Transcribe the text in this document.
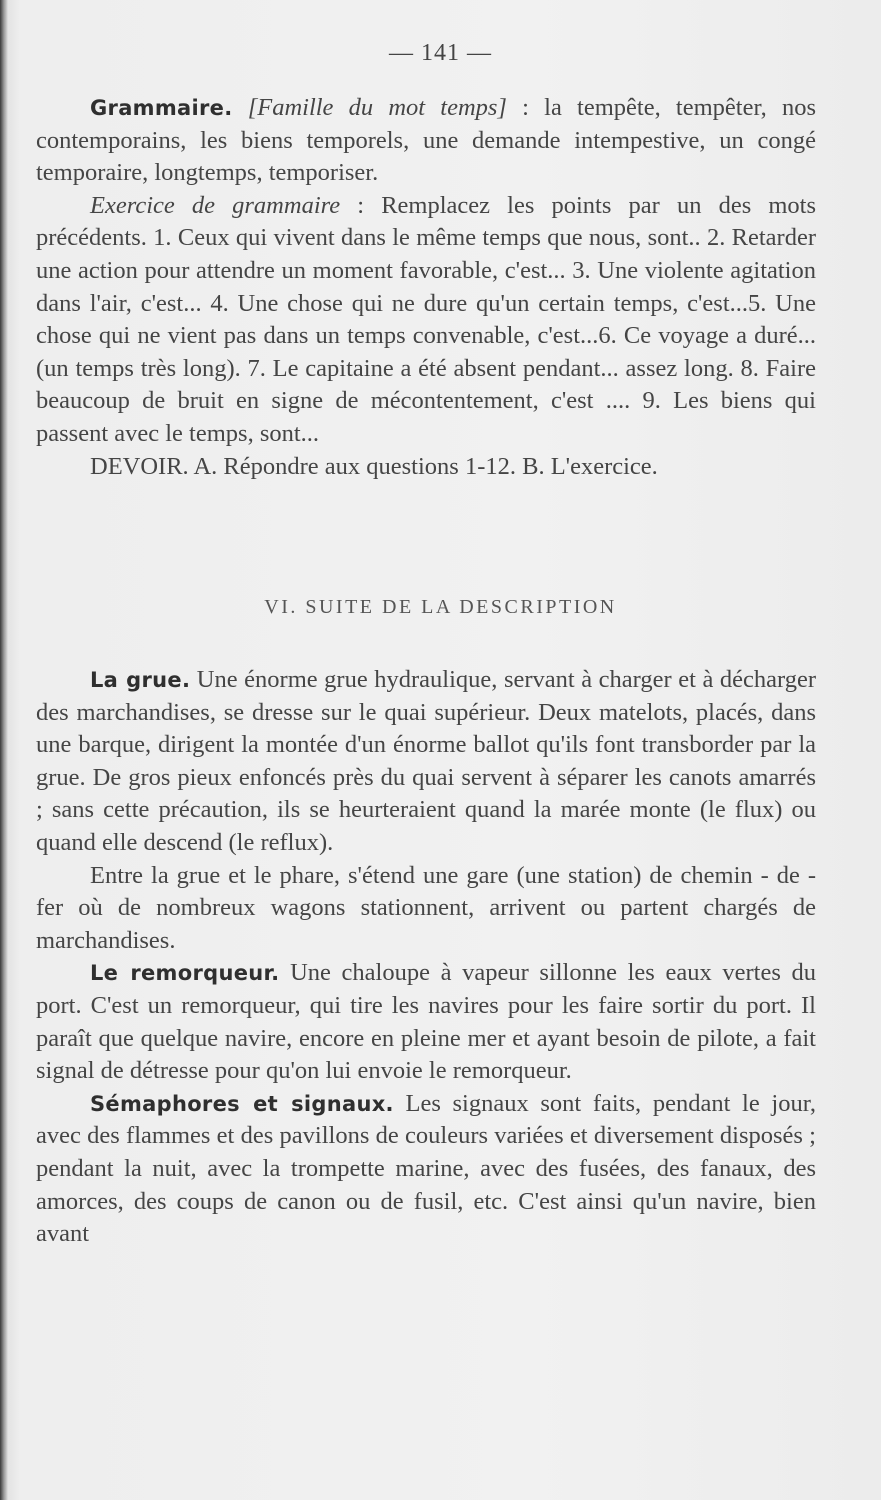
— 141 —

Grammaire. [Famille du mot temps] : la tempête, tempêter, nos contemporains, les biens temporels, une demande intempestive, un congé temporaire, longtemps, temporiser.

Exercice de grammaire : Remplacez les points par un des mots précédents. 1. Ceux qui vivent dans le même temps que nous, sont.. 2. Retarder une action pour attendre un moment favorable, c'est... 3. Une violente agitation dans l'air, c'est... 4. Une chose qui ne dure qu'un certain temps, c'est...5. Une chose qui ne vient pas dans un temps convenable, c'est...6. Ce voyage a duré... (un temps très long). 7. Le capitaine a été absent pendant... assez long. 8. Faire beaucoup de bruit en signe de mécontentement, c'est .... 9. Les biens qui passent avec le temps, sont...

DEVOIR. A. Répondre aux questions 1-12. B. L'exercice.

VI. SUITE DE LA DESCRIPTION

La grue. Une énorme grue hydraulique, servant à charger et à décharger des marchandises, se dresse sur le quai supérieur. Deux matelots, placés, dans une barque, dirigent la montée d'un énorme ballot qu'ils font transborder par la grue. De gros pieux enfoncés près du quai servent à séparer les canots amarrés ; sans cette précaution, ils se heurteraient quand la marée monte (le flux) ou quand elle descend (le reflux).

Entre la grue et le phare, s'étend une gare (une station) de chemin - de - fer où de nombreux wagons stationnent, arrivent ou partent chargés de marchandises.

Le remorqueur. Une chaloupe à vapeur sillonne les eaux vertes du port. C'est un remorqueur, qui tire les navires pour les faire sortir du port. Il paraît que quelque navire, encore en pleine mer et ayant besoin de pilote, a fait signal de détresse pour qu'on lui envoie le remorqueur.

Sémaphores et signaux. Les signaux sont faits, pendant le jour, avec des flammes et des pavillons de couleurs variées et diversement disposés ; pendant la nuit, avec la trompette marine, avec des fusées, des fanaux, des amorces, des coups de canon ou de fusil, etc. C'est ainsi qu'un navire, bien avant
